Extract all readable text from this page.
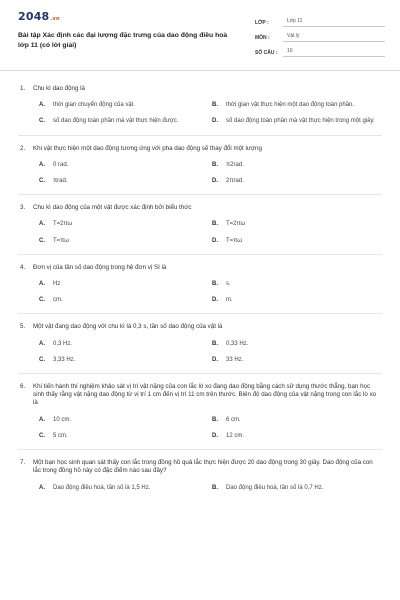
2048.vn
Bài tập Xác định các đại lượng đặc trưng của dao động điều hoà lớp 11 (có lời giải)
LỚP :	Lớp 11
MÔN :	Vật lý
SỐ CÂU :	10
1.	Chu kì dao động là
A.	thời gian chuyển động của vật.	B.	thời gian vật thực hiện một dao động toàn phần.
C.	số dao động toàn phần mà vật thực hiện được.	D.	số dao động toàn phần mà vật thực hiện trong một giây.
2.	Khi vật thực hiện một dao động tương ứng với pha dao động sẽ thay đổi một lượng
A.	0 rad.	B.	π2rad.
C.	πrad.	D.	2πrad.
3.	Chu kì dao động của một vật được xác định bởi biểu thức
A.	T=2πω	B.	T=2πω
C.	T=πω	D.	T=πω
4.	Đơn vị của tần số dao động trong hệ đơn vị SI là
A.	Hz	B.	s.
C.	cm.	D.	m.
5.	Một vật đang dao động với chu kì là 0,3 s, tần số dao động của vật là
A.	0,3 Hz.	B.	0,33 Hz.
C.	3,33 Hz.	D.	33 Hz.
6.	Khi tiến hành thí nghiệm khảo sát vị trí vật nặng của con lắc lò xo đang dao động bằng cách sử dụng thước thẳng, bạn học sinh thấy rằng vật nặng dao động từ vị trí 1 cm đến vị trí 11 cm trên thước. Biên độ dao động của vật nặng trong con lắc lò xo là
A.	10 cm.	B.	6 cm.
C.	5 cm.	D.	12 cm.
7.	Một bạn học sinh quan sát thấy con lắc trong đồng hồ quả lắc thực hiện được 20 dao động trong 30 giây. Dao động của con lắc trong đồng hồ này có đặc điểm nào sau đây?
A.	Dao động điều hoà, tần số là 1,5 Hz.	B.	Dao động điều hoà, tần số là 0,7 Hz.
